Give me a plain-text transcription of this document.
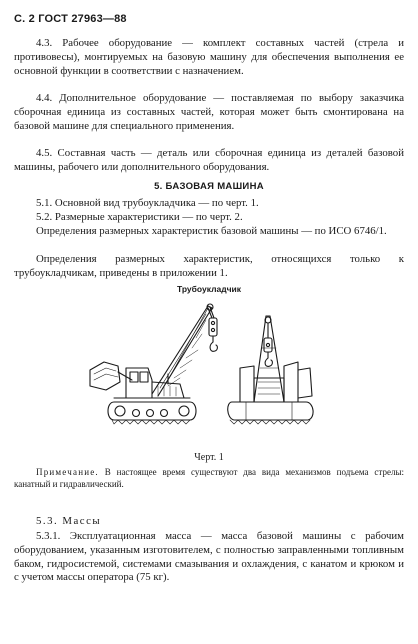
С. 2 ГОСТ 27963—88

4.3. Рабочее оборудование — комплект составных частей (стрела и противовесы), монтируемых на базовую машину для обеспечения выполнения ее основной функции в соответствии с назначением.

4.4. Дополнительное оборудование — поставляемая по выбору заказчика сборочная единица из составных частей, которая может быть смонтирована на базовой машине для специального применения.

4.5. Составная часть — деталь или сборочная единица из деталей базовой машины, рабочего или дополнительного оборудования.

5. БАЗОВАЯ МАШИНА

5.1. Основной вид трубоукладчика — по черт. 1.

5.2. Размерные характеристики — по черт. 2.

Определения размерных характеристик базовой машины — по ИСО 6746/1.

Определения размерных характеристик, относящихся только к трубоукладчикам, приведены в приложении 1.

Трубоукладчик
Черт. 1

Примечание. В настоящее время существуют два вида механизмов подъема стрелы: канатный и гидравлический.

5.3. Массы

5.3.1. Эксплуатационная масса — масса базовой машины с рабочим оборудованием, указанным изготовителем, с полностью заправленными топливным баком, гидросистемой, системами смазывания и охлаждения, с канатом и крюком и с учетом массы оператора (75 кг).
